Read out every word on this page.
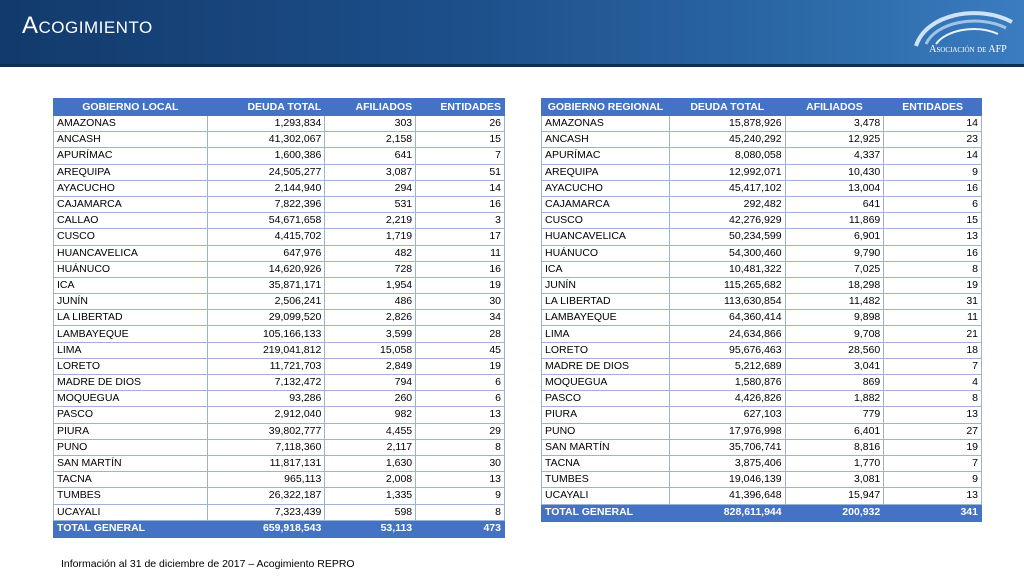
Acogimiento
Asociación de AFP
GOBIERNO LOCAL	DEUDA TOTAL	AFILIADOS	ENTIDADES
AMAZONAS	1,293,834	303	26
ANCASH	41,302,067	2,158	15
APURÍMAC	1,600,386	641	7
AREQUIPA	24,505,277	3,087	51
AYACUCHO	2,144,940	294	14
CAJAMARCA	7,822,396	531	16
CALLAO	54,671,658	2,219	3
CUSCO	4,415,702	1,719	17
HUANCAVELICA	647,976	482	11
HUÁNUCO	14,620,926	728	16
ICA	35,871,171	1,954	19
JUNÍN	2,506,241	486	30
LA LIBERTAD	29,099,520	2,826	34
LAMBAYEQUE	105,166,133	3,599	28
LIMA	219,041,812	15,058	45
LORETO	11,721,703	2,849	19
MADRE DE DIOS	7,132,472	794	6
MOQUEGUA	93,286	260	6
PASCO	2,912,040	982	13
PIURA	39,802,777	4,455	29
PUNO	7,118,360	2,117	8
SAN MARTÍN	11,817,131	1,630	30
TACNA	965,113	2,008	13
TUMBES	26,322,187	1,335	9
UCAYALI	7,323,439	598	8
TOTAL GENERAL	659,918,543	53,113	473
GOBIERNO REGIONAL	DEUDA TOTAL	AFILIADOS	ENTIDADES
AMAZONAS	15,878,926	3,478	14
ANCASH	45,240,292	12,925	23
APURÍMAC	8,080,058	4,337	14
AREQUIPA	12,992,071	10,430	9
AYACUCHO	45,417,102	13,004	16
CAJAMARCA	292,482	641	6
CUSCO	42,276,929	11,869	15
HUANCAVELICA	50,234,599	6,901	13
HUÁNUCO	54,300,460	9,790	16
ICA	10,481,322	7,025	8
JUNÍN	115,265,682	18,298	19
LA LIBERTAD	113,630,854	11,482	31
LAMBAYEQUE	64,360,414	9,898	11
LIMA	24,634,866	9,708	21
LORETO	95,676,463	28,560	18
MADRE DE DIOS	5,212,689	3,041	7
MOQUEGUA	1,580,876	869	4
PASCO	4,426,826	1,882	8
PIURA	627,103	779	13
PUNO	17,976,998	6,401	27
SAN MARTÍN	35,706,741	8,816	19
TACNA	3,875,406	1,770	7
TUMBES	19,046,139	3,081	9
UCAYALI	41,396,648	15,947	13
TOTAL GENERAL	828,611,944	200,932	341
Información al 31 de diciembre de 2017 – Acogimiento REPRO
